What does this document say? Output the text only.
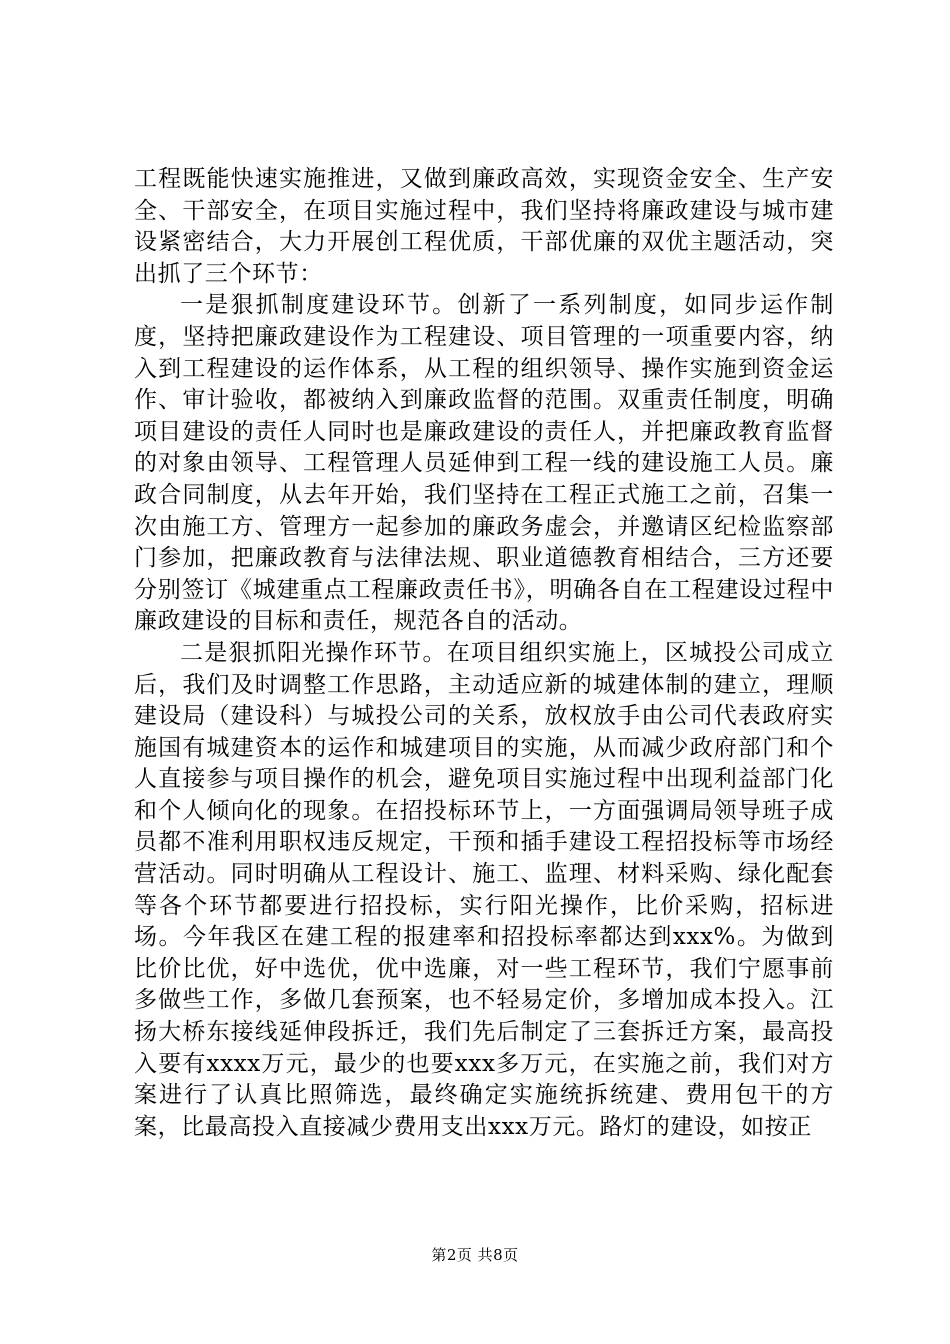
工程既能快速实施推进，又做到廉政高效，实现资金安全、生产安全、干部安全，在项目实施过程中，我们坚持将廉政建设与城市建设紧密结合，大力开展创工程优质，干部优廉的双优主题活动，突出抓了三个环节：

一是狠抓制度建设环节。创新了一系列制度，如同步运作制度，坚持把廉政建设作为工程建设、项目管理的一项重要内容，纳入到工程建设的运作体系，从工程的组织领导、操作实施到资金运作、审计验收，都被纳入到廉政监督的范围。双重责任制度，明确项目建设的责任人同时也是廉政建设的责任人，并把廉政教育监督的对象由领导、工程管理人员延伸到工程一线的建设施工人员。廉政合同制度，从去年开始，我们坚持在工程正式施工之前，召集一次由施工方、管理方一起参加的廉政务虚会，并邀请区纪检监察部门参加，把廉政教育与法律法规、职业道德教育相结合，三方还要分别签订《城建重点工程廉政责任书》，明确各自在工程建设过程中廉政建设的目标和责任，规范各自的活动。

二是狠抓阳光操作环节。在项目组织实施上，区城投公司成立后，我们及时调整工作思路，主动适应新的城建体制的建立，理顺建设局（建设科）与城投公司的关系，放权放手由公司代表政府实施国有城建资本的运作和城建项目的实施，从而减少政府部门和个人直接参与项目操作的机会，避免项目实施过程中出现利益部门化和个人倾向化的现象。在招投标环节上，一方面强调局领导班子成员都不准利用职权违反规定，干预和插手建设工程招投标等市场经营活动。同时明确从工程设计、施工、监理、材料采购、绿化配套等各个环节都要进行招投标，实行阳光操作，比价采购，招标进场。今年我区在建工程的报建率和招投标率都达到xxx%。为做到比价比优，好中选优，优中选廉，对一些工程环节，我们宁愿事前多做些工作，多做几套预案，也不轻易定价，多增加成本投入。江扬大桥东接线延伸段拆迁，我们先后制定了三套拆迁方案，最高投入要有xxxx万元，最少的也要xxx多万元，在实施之前，我们对方案进行了认真比照筛选，最终确定实施统拆统建、费用包干的方案，比最高投入直接减少费用支出xxx万元。路灯的建设，如按正

第2页 共8页
